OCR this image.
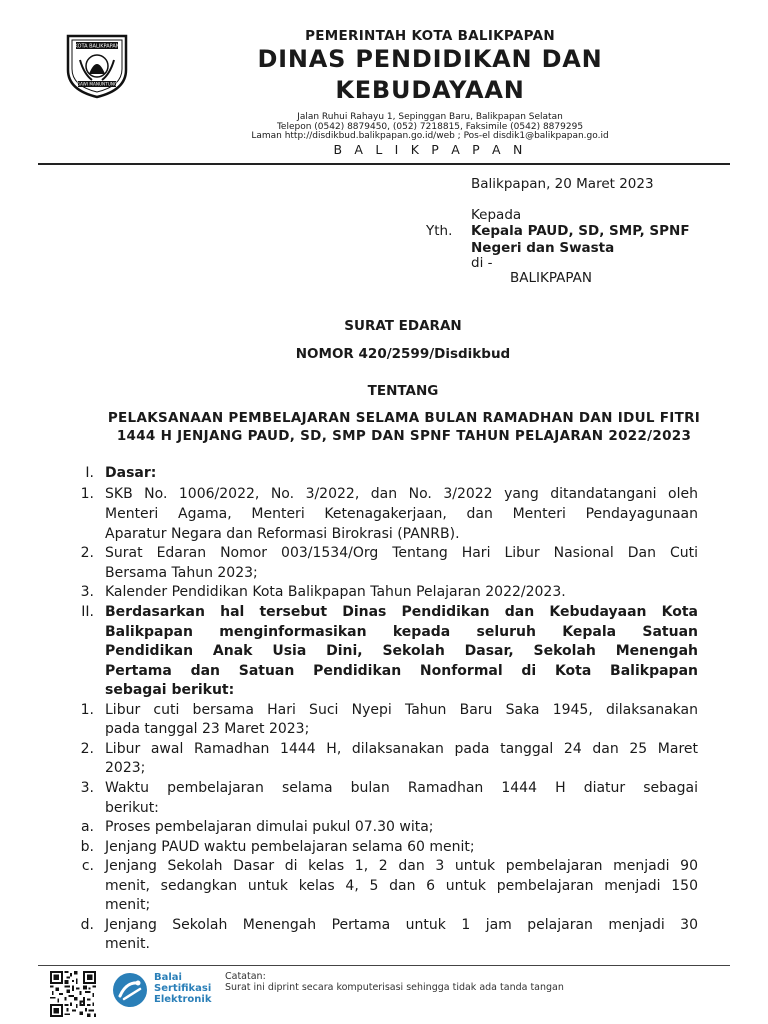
KOTA BALIKPAPAN
GAWI MANUNTUNG
PEMERINTAH KOTA BALIKPAPAN
DINAS PENDIDIKAN DAN
KEBUDAYAAN
Jalan Ruhui Rahayu 1, Sepinggan Baru, Balikpapan Selatan
Telepon (0542) 8879450, (052) 7218815, Faksimile (0542) 8879295
Laman http://disdikbud.balikpapan.go.id/web ; Pos-el disdik1@balikpapan.go.id
B A L I K P A P A N
Balikpapan, 20 Maret 2023
Kepada
Yth. Kepala PAUD, SD, SMP, SPNF
Negeri dan Swasta
di -
BALIKPAPAN
SURAT EDARAN
NOMOR 420/2599/Disdikbud
TENTANG
PELAKSANAAN PEMBELAJARAN SELAMA BULAN RAMADHAN DAN IDUL FITRI
1444 H JENJANG PAUD, SD, SMP DAN SPNF TAHUN PELAJARAN 2022/2023
I. Dasar:
1. SKB No. 1006/2022, No. 3/2022, dan No. 3/2022 yang ditandatangani oleh
Menteri Agama, Menteri Ketenagakerjaan, dan Menteri Pendayagunaan
Aparatur Negara dan Reformasi Birokrasi (PANRB).
2. Surat Edaran Nomor 003/1534/Org Tentang Hari Libur Nasional Dan Cuti
Bersama Tahun 2023;
3. Kalender Pendidikan Kota Balikpapan Tahun Pelajaran 2022/2023.
II. Berdasarkan hal tersebut Dinas Pendidikan dan Kebudayaan Kota
Balikpapan menginformasikan kepada seluruh Kepala Satuan
Pendidikan Anak Usia Dini, Sekolah Dasar, Sekolah Menengah
Pertama dan Satuan Pendidikan Nonformal di Kota Balikpapan
sebagai berikut:
1. Libur cuti bersama Hari Suci Nyepi Tahun Baru Saka 1945, dilaksanakan
pada tanggal 23 Maret 2023;
2. Libur awal Ramadhan 1444 H, dilaksanakan pada tanggal 24 dan 25 Maret
2023;
3. Waktu pembelajaran selama bulan Ramadhan 1444 H diatur sebagai
berikut:
a. Proses pembelajaran dimulai pukul 07.30 wita;
b. Jenjang PAUD waktu pembelajaran selama 60 menit;
c. Jenjang Sekolah Dasar di kelas 1, 2 dan 3 untuk pembelajaran menjadi 90
menit, sedangkan untuk kelas 4, 5 dan 6 untuk pembelajaran menjadi 150
menit;
d. Jenjang Sekolah Menengah Pertama untuk 1 jam pelajaran menjadi 30
menit.
Balai
Sertifikasi
Elektronik
Catatan:
Surat ini diprint secara komputerisasi sehingga tidak ada tanda tangan
